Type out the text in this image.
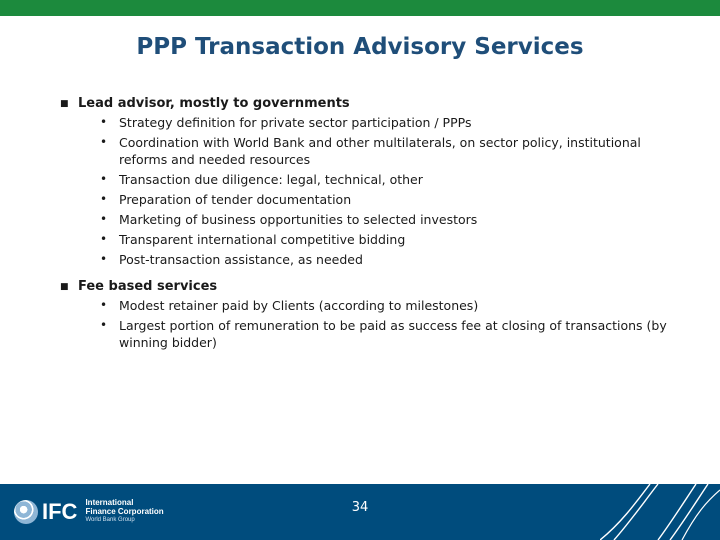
PPP Transaction Advisory Services
■ Lead advisor, mostly to governments
• Strategy definition for private sector participation / PPPs
• Coordination with World Bank and other multilaterals, on sector policy, institutional reforms and needed resources
• Transaction due diligence: legal, technical, other
• Preparation of tender documentation
• Marketing of business opportunities to selected investors
• Transparent international competitive bidding
• Post-transaction assistance, as needed
■ Fee based services
• Modest retainer paid by Clients (according to milestones)
• Largest portion of remuneration to be paid as success fee at closing of transactions (by winning bidder)
IFC International
Finance Corporation
World Bank Group
34
